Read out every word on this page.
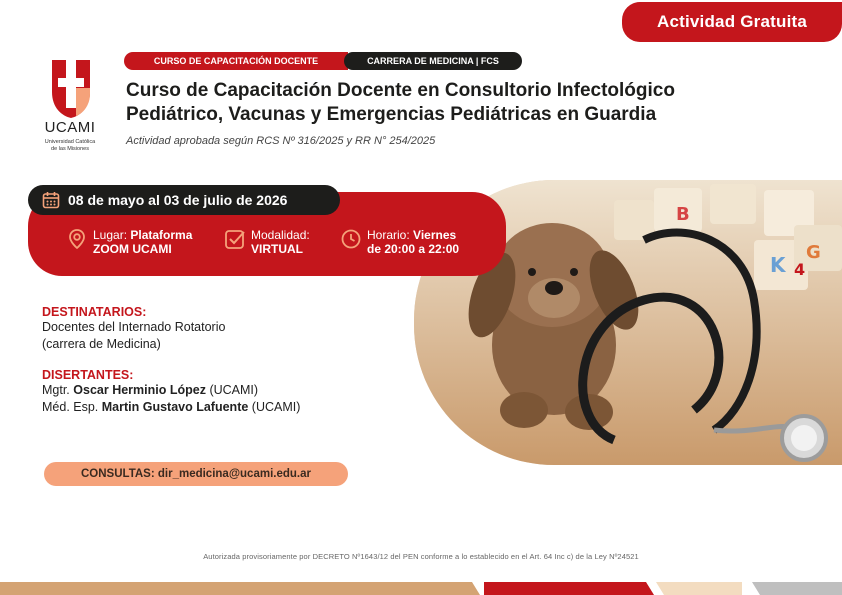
Actividad Gratuita
UCAMI
Universidad Católica
de las Misiones
CURSO DE CAPACITACIÓN DOCENTE	CARRERA DE MEDICINA | FCS
Curso de Capacitación Docente en Consultorio Infectológico
Pediátrico, Vacunas y Emergencias Pediátricas en Guardia
Actividad aprobada según RCS Nº 316/2025 y RR N° 254/2025
K
G
B
4
08 de mayo al 03 de julio de 2026
Lugar: Plataforma
ZOOM UCAMI
Modalidad:
VIRTUAL
Horario: Viernes
de 20:00 a 22:00
DESTINATARIOS:
Docentes del Internado Rotatorio
(carrera de Medicina)
DISERTANTES:
Mgtr. Oscar Herminio López (UCAMI)
Méd. Esp. Martin Gustavo Lafuente (UCAMI)
CONSULTAS: dir_medicina@ucami.edu.ar
Autorizada provisoriamente por DECRETO Nº1643/12 del PEN conforme a lo establecido en el Art. 64 Inc c) de la Ley Nº24521
